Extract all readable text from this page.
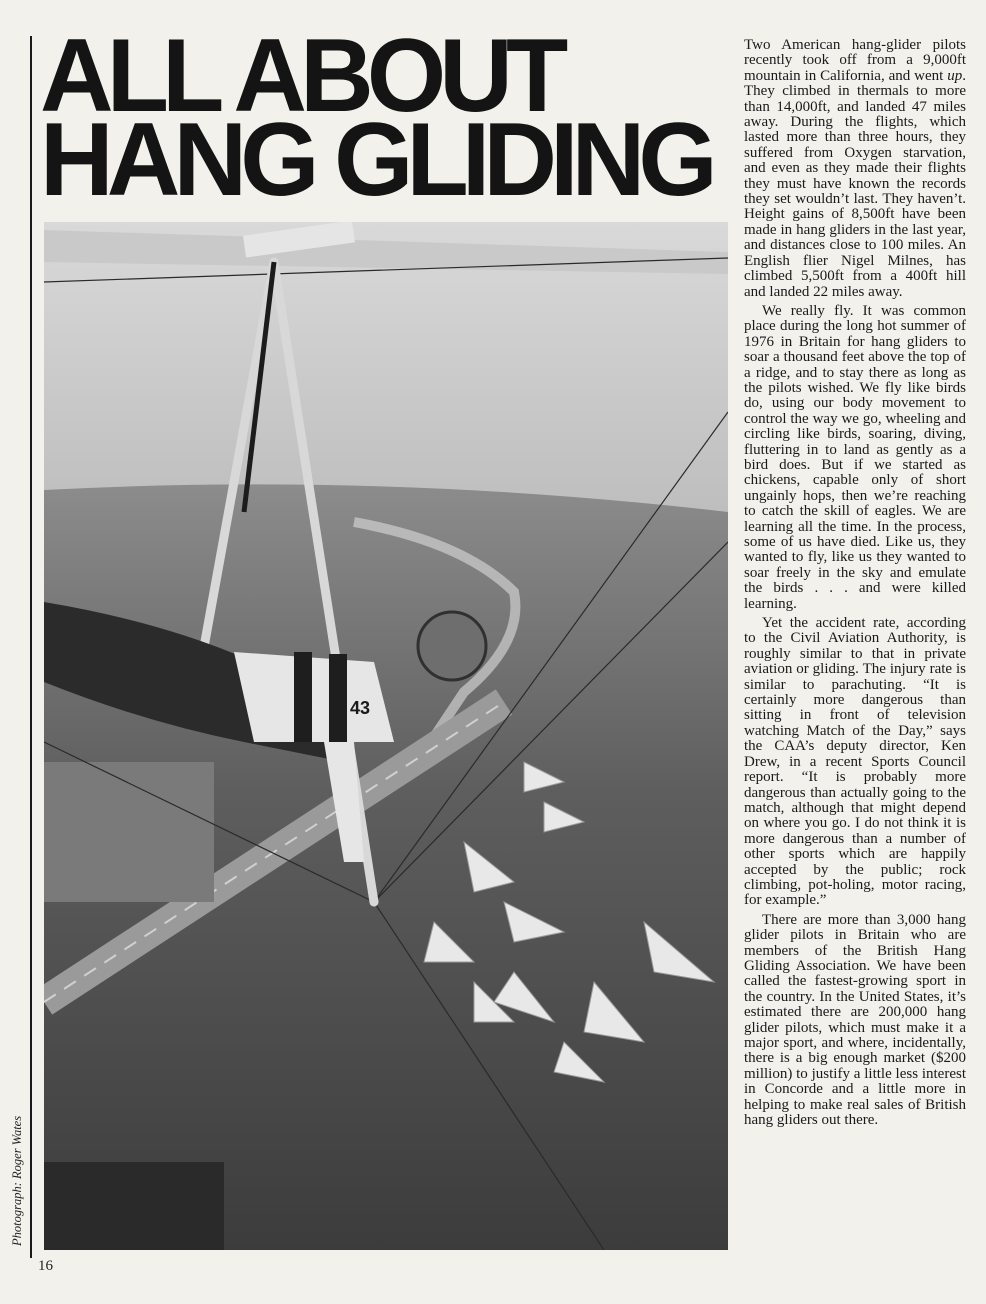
ALL ABOUT
HANG GLIDING
43
Photograph: Roger Wates
16

Two American hang-glider pilots recently took off from a 9,000ft mountain in California, and went up. They climbed in thermals to more than 14,000ft, and landed 47 miles away. During the flights, which lasted more than three hours, they suffered from Oxygen starvation, and even as they made their flights they must have known the records they set wouldn’t last. They haven’t. Height gains of 8,500ft have been made in hang gliders in the last year, and distances close to 100 miles. An English flier Nigel Milnes, has climbed 5,500ft from a 400ft hill and landed 22 miles away.

We really fly. It was common place during the long hot summer of 1976 in Britain for hang gliders to soar a thousand feet above the top of a ridge, and to stay there as long as the pilots wished. We fly like birds do, using our body movement to control the way we go, wheeling and circling like birds, soaring, diving, fluttering in to land as gently as a bird does. But if we started as chickens, capable only of short ungainly hops, then we’re reaching to catch the skill of eagles. We are learning all the time. In the process, some of us have died. Like us, they wanted to fly, like us they wanted to soar freely in the sky and emulate the birds . . . and were killed learning.

Yet the accident rate, according to the Civil Aviation Authority, is roughly similar to that in private aviation or gliding. The injury rate is similar to parachuting. “It is certainly more dangerous than sitting in front of television watching Match of the Day,” says the CAA’s deputy director, Ken Drew, in a recent Sports Council report. “It is probably more dangerous than actually going to the match, although that might depend on where you go. I do not think it is more dangerous than a number of other sports which are happily accepted by the public; rock climbing, pot-holing, motor racing, for example.”

There are more than 3,000 hang glider pilots in Britain who are members of the British Hang Gliding Association. We have been called the fastest-growing sport in the country. In the United States, it’s estimated there are 200,000 hang glider pilots, which must make it a major sport, and where, incidentally, there is a big enough market ($200 million) to justify a little less interest in Concorde and a little more in helping to make real sales of British hang gliders out there.
